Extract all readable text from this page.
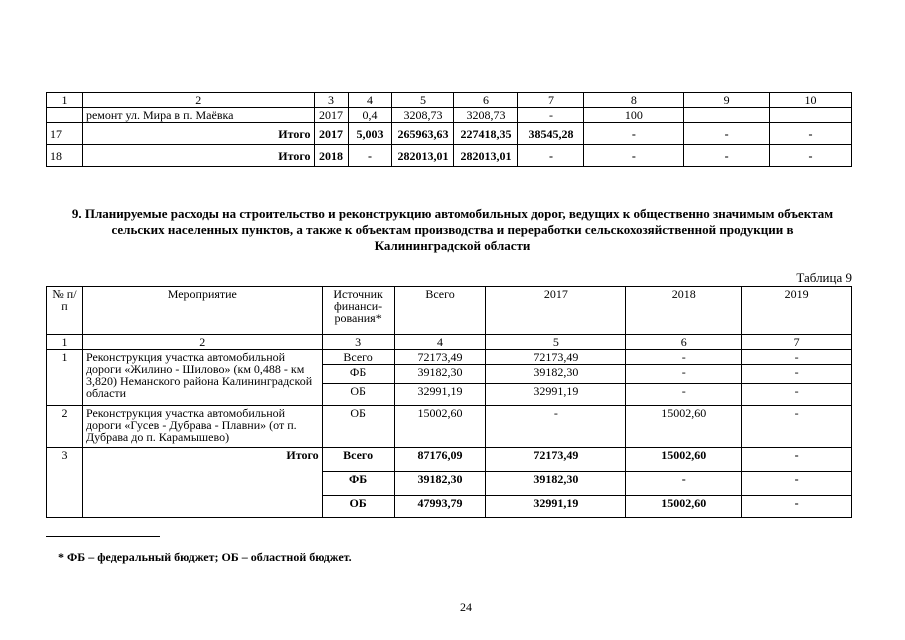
1	2	3	4	5	6	7	8	9	10
	ремонт ул. Мира в п. Маёвка	2017	0,4	3208,73	3208,73	-	100		
17	Итого	2017	5,003	265963,63	227418,35	38545,28	-	-	-
18	Итого	2018	-	282013,01	282013,01	-	-	-	-
9. Планируемые расходы на строительство и реконструкцию автомобильных дорог, ведущих к общественно значимым объектам сельских населенных пунктов, а также к объектам производства и переработки сельскохозяйственной продукции в Калининградской области
Таблица 9
№ п/п	Мероприятие	Источник финанси-рования*	Всего	2017	2018	2019
1	2	3	4	5	6	7
1	Реконструкция участка автомобильной дороги «Жилино - Шилово» (км 0,488 - км 3,820) Неманского района Калининградской области	Всего	72173,49	72173,49	-	-
		ФБ	39182,30	39182,30	-	-
		ОБ	32991,19	32991,19	-	-
2	Реконструкция участка автомобильной дороги «Гусев - Дубрава - Плавни» (от п. Дубрава до п. Карамышево)	ОБ	15002,60	-	15002,60	-
3	Итого	Всего	87176,09	72173,49	15002,60	-
		ФБ	39182,30	39182,30	-	-
		ОБ	47993,79	32991,19	15002,60	-
* ФБ – федеральный бюджет; ОБ – областной бюджет.
24
